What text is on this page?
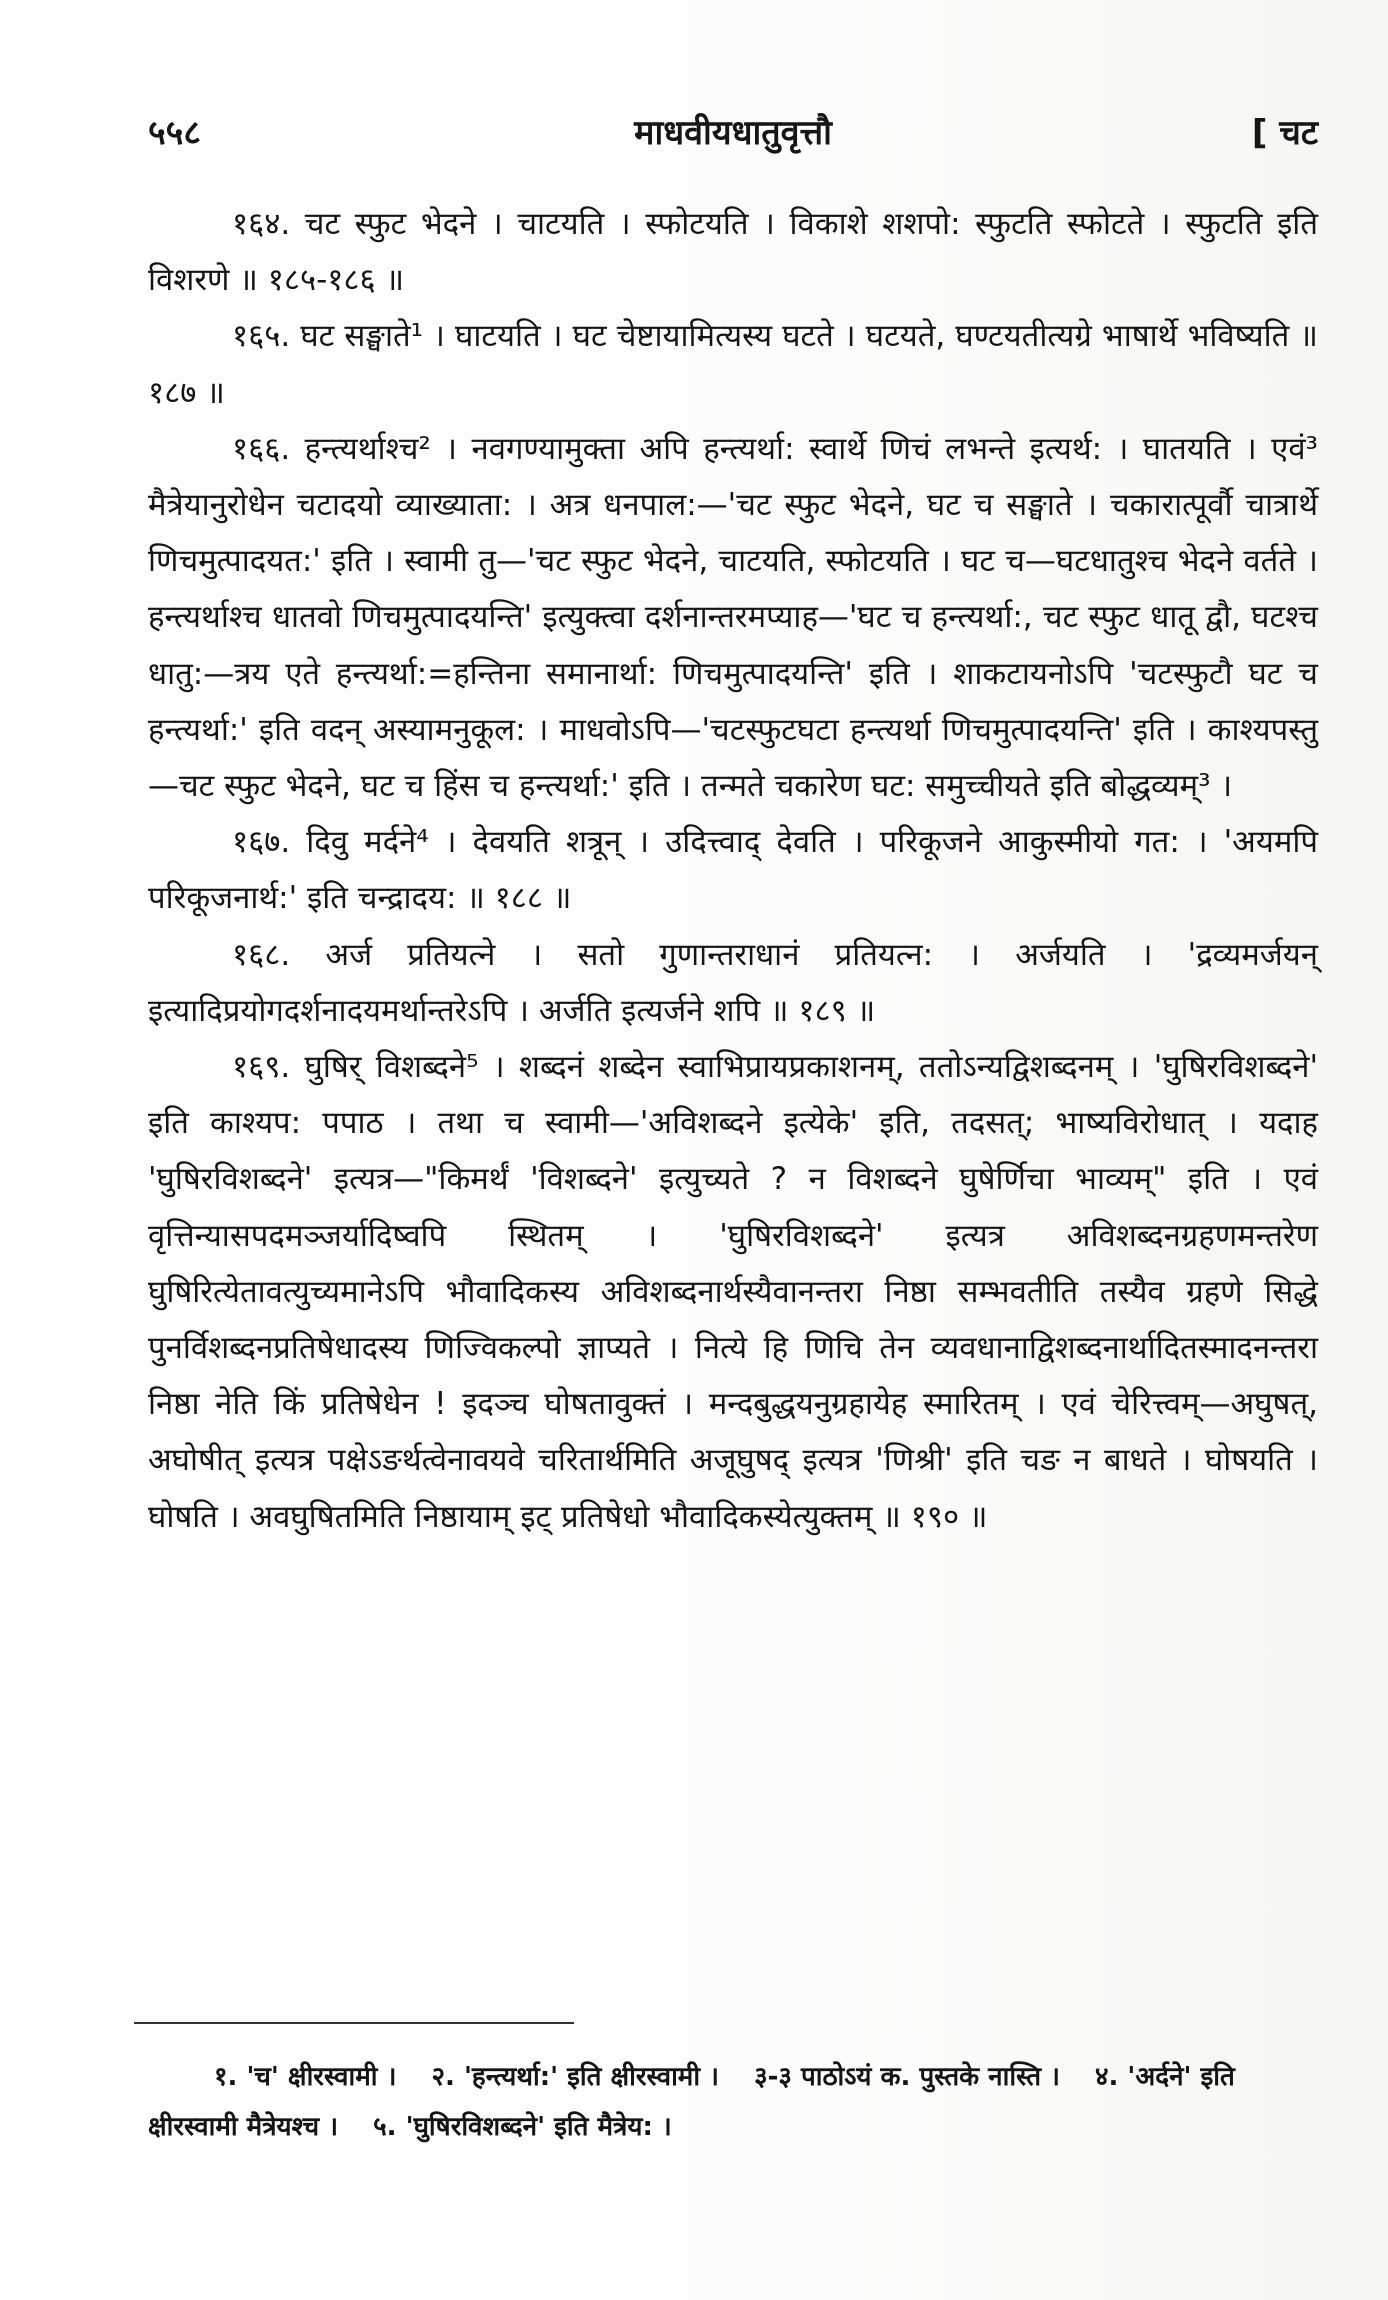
५५८	माधवीयधातुवृत्तौ	[ चट

१६४. चट स्फुट भेदने । चाटयति । स्फोटयति । विकाशे शशपो: स्फुटति स्फोटते । स्फुटति इति विशरणे ॥ १८५-१८६ ॥

१६५. घट सङ्घाते¹ । घाटयति । घट चेष्टायामित्यस्य घटते । घटयते, घण्टयतीत्यग्रे भाषार्थे भविष्यति ॥ १८७ ॥

१६६. हन्त्यर्थाश्च² । नवगण्यामुक्ता अपि हन्त्यर्था: स्वार्थे णिचं लभन्ते इत्यर्थ: । घातयति । एवं³ मैत्रेयानुरोधेन चटादयो व्याख्याता: । अत्र धनपाल:—'चट स्फुट भेदने, घट च सङ्घाते । चकारात्पूर्वौ चात्रार्थे णिचमुत्पादयत:' इति । स्वामी तु—'चट स्फुट भेदने, चाटयति, स्फोटयति । घट च—घटधातुश्च भेदने वर्तते । हन्त्यर्थाश्च धातवो णिचमुत्पादयन्ति' इत्युक्त्वा दर्शनान्तरमप्याह—'घट च हन्त्यर्था:, चट स्फुट धातू द्वौ, घटश्च धातु:—त्रय एते हन्त्यर्था:=हन्तिना समानार्था: णिचमुत्पादयन्ति' इति । शाकटायनोऽपि 'चटस्फुटौ घट च हन्त्यर्था:' इति वदन् अस्यामनुकूल: । माधवोऽपि—'चटस्फुटघटा हन्त्यर्था णिचमुत्पादयन्ति' इति । काश्यपस्तु—चट स्फुट भेदने, घट च हिंस च हन्त्यर्था:' इति । तन्मते चकारेण घट: समुच्चीयते इति बोद्धव्यम्³ ।

१६७. दिवु मर्दने⁴ । देवयति शत्रून् । उदित्त्वाद् देवति । परिकूजने आकुस्मीयो गत: । 'अयमपि परिकूजनार्थ:' इति चन्द्रादय: ॥ १८८ ॥

१६८. अर्ज प्रतियत्ने । सतो गुणान्तराधानं प्रतियत्न: । अर्जयति । 'द्रव्यमर्जयन् इत्यादिप्रयोगदर्शनादयमर्थान्तरेऽपि । अर्जति इत्यर्जने शपि ॥ १८९ ॥

१६९. घुषिर् विशब्दने⁵ । शब्दनं शब्देन स्वाभिप्रायप्रकाशनम्, ततोऽन्यद्विशब्दनम् । 'घुषिरविशब्दने' इति काश्यप: पपाठ । तथा च स्वामी—'अविशब्दने इत्येके' इति, तदसत्; भाष्यविरोधात् । यदाह 'घुषिरविशब्दने' इत्यत्र—"किमर्थं 'विशब्दने' इत्युच्यते ? न विशब्दने घुषेर्णिचा भाव्यम्" इति । एवं वृत्तिन्यासपदमञ्जर्यादिष्वपि स्थितम् । 'घुषिरविशब्दने' इत्यत्र अविशब्दनग्रहणमन्तरेण घुषिरित्येतावत्युच्यमानेऽपि भौवादिकस्य अविशब्दनार्थस्यैवानन्तरा निष्ठा सम्भवतीति तस्यैव ग्रहणे सिद्धे पुनर्विशब्दनप्रतिषेधादस्य णिज्विकल्पो ज्ञाप्यते । नित्ये हि णिचि तेन व्यवधानाद्विशब्दनार्थादितस्मादनन्तरा निष्ठा नेति किं प्रतिषेधेन ! इदञ्च घोषतावुक्तं । मन्दबुद्धयनुग्रहायेह स्मारितम् । एवं चेरित्त्वम्—अघुषत्, अघोषीत् इत्यत्र पक्षेऽङर्थत्वेनावयवे चरितार्थमिति अजूघुषद् इत्यत्र 'णिश्री' इति चङ न बाधते । घोषयति । घोषति । अवघुषितमिति निष्ठायाम् इट् प्रतिषेधो भौवादिकस्येत्युक्तम् ॥ १९० ॥

१. 'च' क्षीरस्वामी । २. 'हन्त्यर्था:' इति क्षीरस्वामी । ३-३ पाठोऽयं क. पुस्तके नास्ति । ४. 'अर्दने' इति क्षीरस्वामी मैत्रेयश्च । ५. 'घुषिरविशब्दने' इति मैत्रेय: ।
